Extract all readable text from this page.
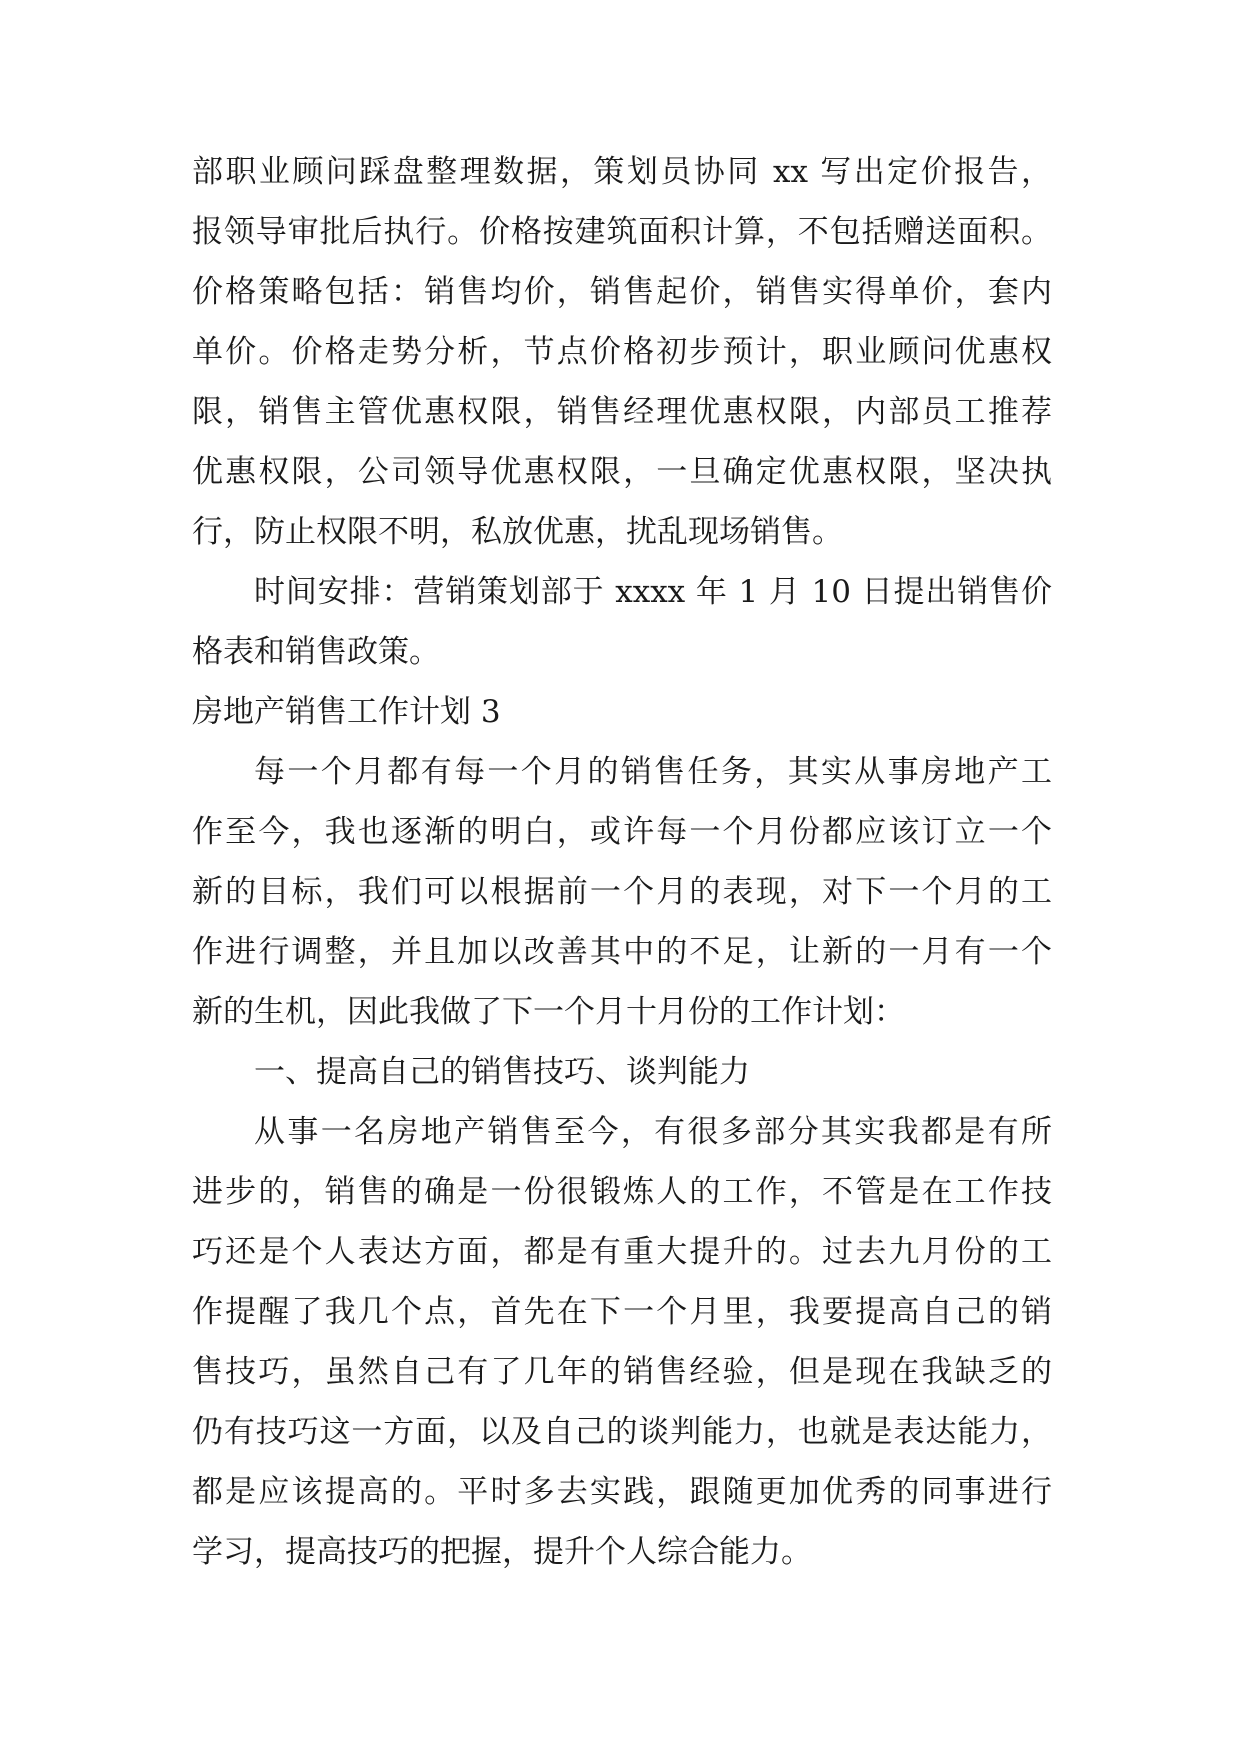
部职业顾问踩盘整理数据，策划员协同 xx 写出定价报告，
报领导审批后执行。价格按建筑面积计算，不包括赠送面积。
价格策略包括：销售均价，销售起价，销售实得单价，套内
单价。价格走势分析，节点价格初步预计，职业顾问优惠权
限，销售主管优惠权限，销售经理优惠权限，内部员工推荐
优惠权限，公司领导优惠权限，一旦确定优惠权限，坚决执
行，防止权限不明，私放优惠，扰乱现场销售。
时间安排：营销策划部于 xxxx 年 1 月 10 日提出销售价
格表和销售政策。
房地产销售工作计划 3
每一个月都有每一个月的销售任务，其实从事房地产工
作至今，我也逐渐的明白，或许每一个月份都应该订立一个
新的目标，我们可以根据前一个月的表现，对下一个月的工
作进行调整，并且加以改善其中的不足，让新的一月有一个
新的生机，因此我做了下一个月十月份的工作计划：
一、提高自己的销售技巧、谈判能力
从事一名房地产销售至今，有很多部分其实我都是有所
进步的，销售的确是一份很锻炼人的工作，不管是在工作技
巧还是个人表达方面，都是有重大提升的。过去九月份的工
作提醒了我几个点，首先在下一个月里，我要提高自己的销
售技巧，虽然自己有了几年的销售经验，但是现在我缺乏的
仍有技巧这一方面，以及自己的谈判能力，也就是表达能力，
都是应该提高的。平时多去实践，跟随更加优秀的同事进行
学习，提高技巧的把握，提升个人综合能力。
